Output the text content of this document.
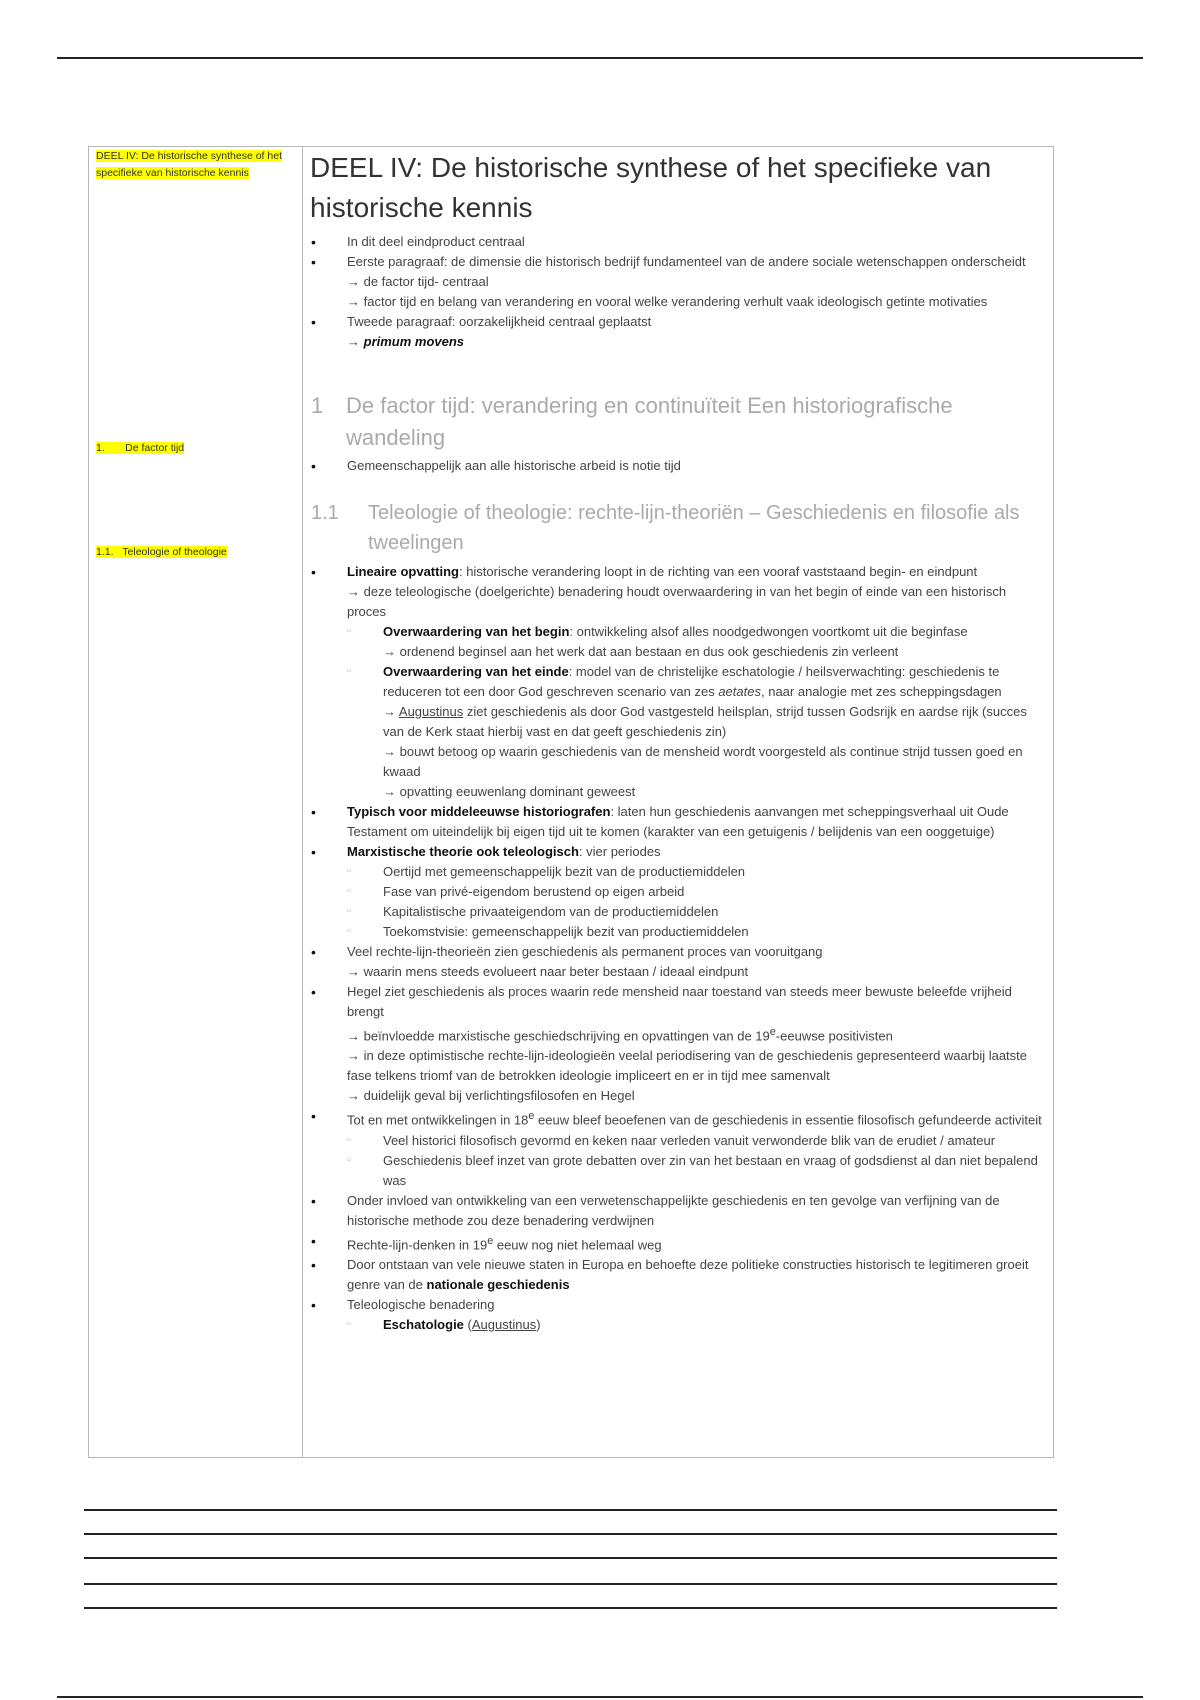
DEEL IV: De historische synthese of het specifieke van historische kennis
1.       De factor tijd
1.1.   Teleologie of theologie
DEEL IV: De historische synthese of het specifieke van historische kennis
• In dit deel eindproduct centraal
• Eerste paragraaf: de dimensie die historisch bedrijf fundamenteel van de andere sociale wetenschappen onderscheidt
→ de factor tijd- centraal
→ factor tijd en belang van verandering en vooral welke verandering verhult vaak ideologisch getinte motivaties
• Tweede paragraaf: oorzakelijkheid centraal geplaatst
→ primum movens
1 De factor tijd: verandering en continuïteit Een historiografische wandeling
• Gemeenschappelijk aan alle historische arbeid is notie tijd
1.1 Teleologie of theologie: rechte-lijn-theoriën – Geschiedenis en filosofie als tweelingen
• Lineaire opvatting: historische verandering loopt in de richting van een vooraf vaststaand begin- en eindpunt
→ deze teleologische (doelgerichte) benadering houdt overwaardering in van het begin of einde van een historisch proces
▫ Overwaardering van het begin: ontwikkeling alsof alles noodgedwongen voortkomt uit die beginfase
→ ordenend beginsel aan het werk dat aan bestaan en dus ook geschiedenis zin verleent
▫ Overwaardering van het einde: model van de christelijke eschatologie / heilsverwachting: geschiedenis te reduceren tot een door God geschreven scenario van zes aetates, naar analogie met zes scheppingsdagen
→ Augustinus ziet geschiedenis als door God vastgesteld heilsplan, strijd tussen Godsrijk en aardse rijk (succes van de Kerk staat hierbij vast en dat geeft geschiedenis zin)
→ bouwt betoog op waarin geschiedenis van de mensheid wordt voorgesteld als continue strijd tussen goed en kwaad
→ opvatting eeuwenlang dominant geweest
• Typisch voor middeleeuwse historiografen: laten hun geschiedenis aanvangen met scheppingsverhaal uit Oude Testament om uiteindelijk bij eigen tijd uit te komen (karakter van een getuigenis / belijdenis van een ooggetuige)
• Marxistische theorie ook teleologisch: vier periodes
▫ Oertijd met gemeenschappelijk bezit van de productiemiddelen
▫ Fase van privé-eigendom berustend op eigen arbeid
▫ Kapitalistische privaateigendom van de productiemiddelen
▫ Toekomstvisie: gemeenschappelijk bezit van productiemiddelen
• Veel rechte-lijn-theorieën zien geschiedenis als permanent proces van vooruitgang
→ waarin mens steeds evolueert naar beter bestaan / ideaal eindpunt
• Hegel ziet geschiedenis als proces waarin rede mensheid naar toestand van steeds meer bewuste beleefde vrijheid brengt
→ beïnvloedde marxistische geschiedschrijving en opvattingen van de 19e-eeuwse positivisten
→ in deze optimistische rechte-lijn-ideologieën veelal periodisering van de geschiedenis gepresenteerd waarbij laatste fase telkens triomf van de betrokken ideologie impliceert en er in tijd mee samenvalt
→ duidelijk geval bij verlichtingsfilosofen en Hegel
• Tot en met ontwikkelingen in 18e eeuw bleef beoefenen van de geschiedenis in essentie filosofisch gefundeerde activiteit
▫ Veel historici filosofisch gevormd en keken naar verleden vanuit verwonderde blik van de erudiet / amateur
▫ Geschiedenis bleef inzet van grote debatten over zin van het bestaan en vraag of godsdienst al dan niet bepalend was
• Onder invloed van ontwikkeling van een verwetenschappelijkte geschiedenis en ten gevolge van verfijning van de historische methode zou deze benadering verdwijnen
• Rechte-lijn-denken in 19e eeuw nog niet helemaal weg
• Door ontstaan van vele nieuwe staten in Europa en behoefte deze politieke constructies historisch te legitimeren groeit genre van de nationale geschiedenis
• Teleologische benadering
▫ Eschatologie (Augustinus)
